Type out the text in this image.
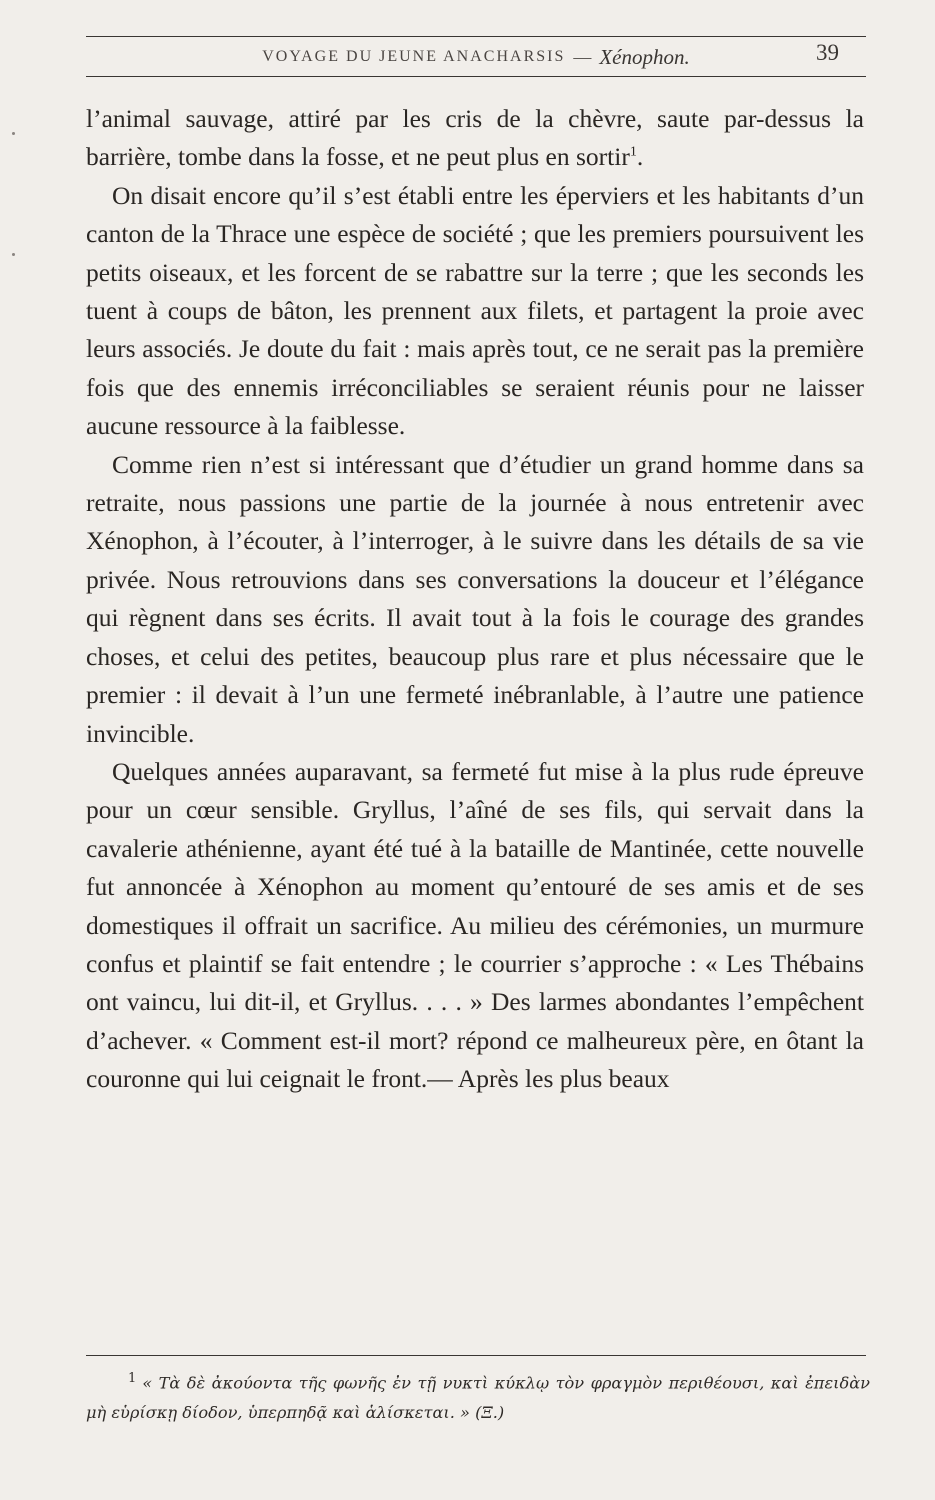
VOYAGE DU JEUNE ANACHARSIS — Xénophon.	39

l’animal sauvage, attiré par les cris de la chèvre, saute par-dessus la barrière, tombe dans la fosse, et ne peut plus en sortir$^1$.

On disait encore qu’il s’est établi entre les éperviers et les habitants d’un canton de la Thrace une espèce de société ; que les premiers poursuivent les petits oiseaux, et les forcent de se rabattre sur la terre ; que les seconds les tuent à coups de bâton, les prennent aux filets, et partagent la proie avec leurs associés. Je doute du fait : mais après tout, ce ne serait pas la première fois que des ennemis irréconciliables se seraient réunis pour ne laisser aucune ressource à la faiblesse.

Comme rien n’est si intéressant que d’étudier un grand homme dans sa retraite, nous passions une partie de la journée à nous entretenir avec Xénophon, à l’écouter, à l’interroger, à le suivre dans les détails de sa vie privée. Nous retrouvions dans ses conversations la douceur et l’élégance qui règnent dans ses écrits. Il avait tout à la fois le courage des grandes choses, et celui des petites, beaucoup plus rare et plus nécessaire que le premier : il devait à l’un une fermeté inébranlable, à l’autre une patience invincible.

Quelques années auparavant, sa fermeté fut mise à la plus rude épreuve pour un cœur sensible. Gryllus, l’aîné de ses fils, qui servait dans la cavalerie athénienne, ayant été tué à la bataille de Mantinée, cette nouvelle fut annoncée à Xénophon au moment qu’entouré de ses amis et de ses domestiques il offrait un sacrifice. Au milieu des cérémonies, un murmure confus et plaintif se fait entendre ; le courrier s’approche : « Les Thébains ont vaincu, lui dit-il, et Gryllus. . . . » Des larmes abondantes l’empêchent d’achever. « Comment est-il mort? répond ce malheureux père, en ôtant la couronne qui lui ceignait le front.— Après les plus beaux

$^1$ « Τὰ δὲ ἀκούοντα τῆς φωνῆς ἐν τῇ νυκτὶ κύκλῳ τὸν φραγμὸν περιθέουσι, καὶ ἐπειδὰν μὴ εὑρίσκῃ δίοδον, ὑπερπηδᾷ καὶ ἁλίσκεται. » (Ξ.)
